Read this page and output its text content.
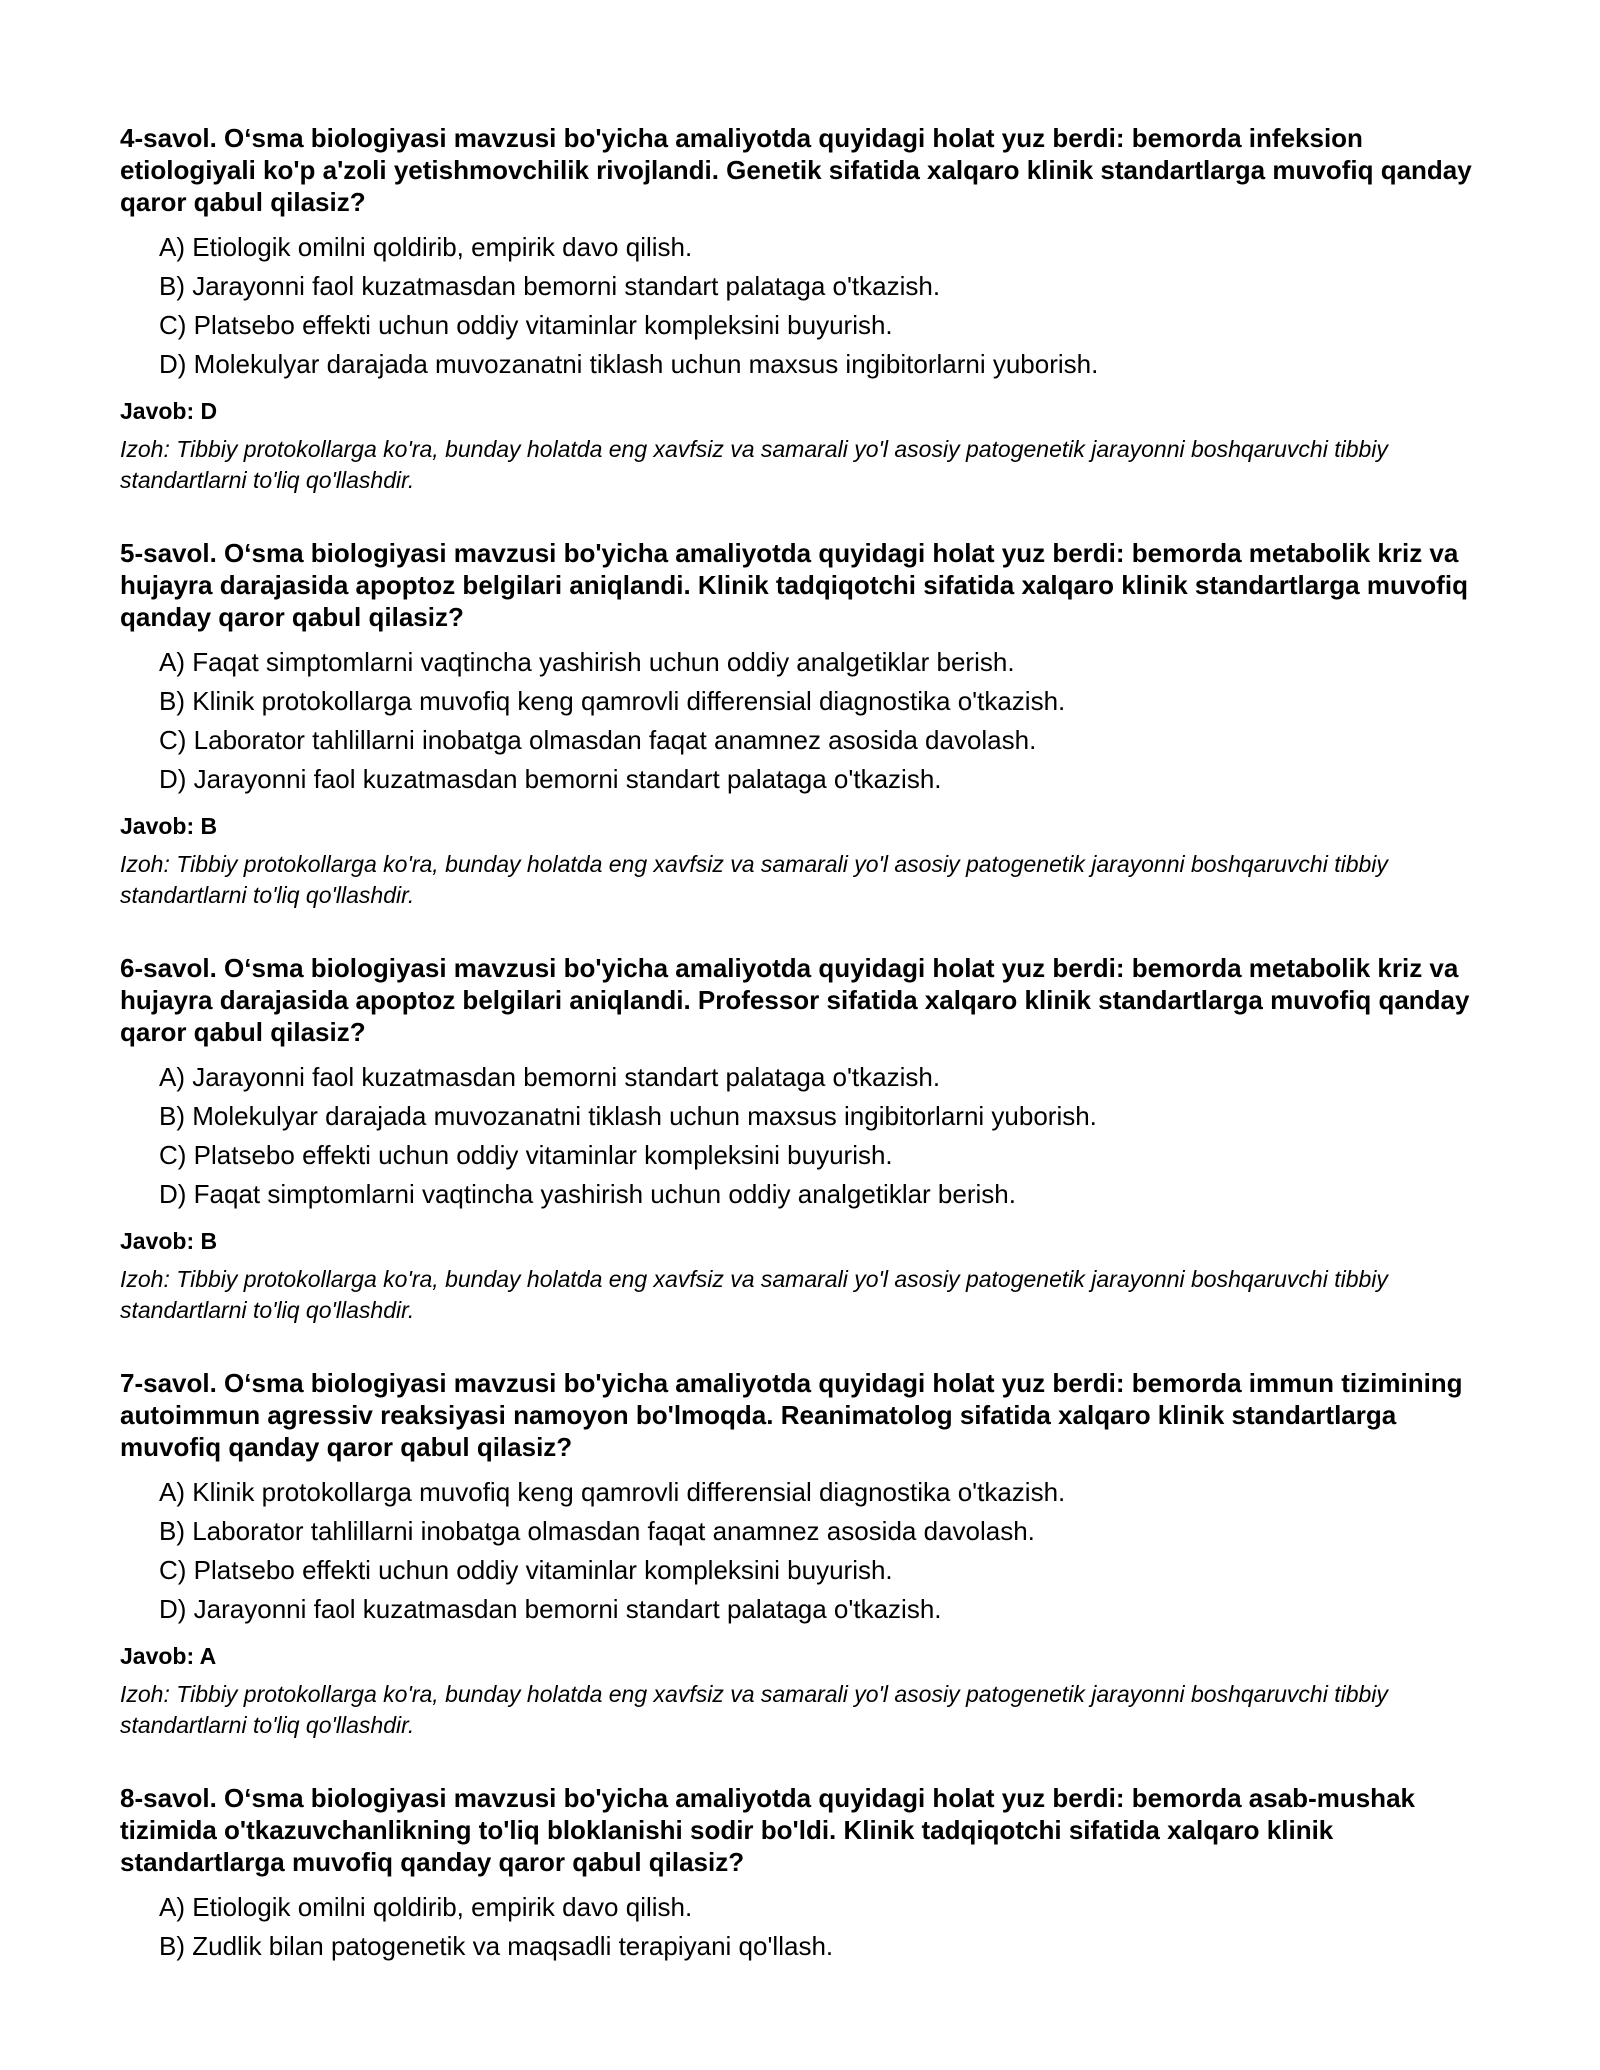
4-savol. O‘sma biologiyasi mavzusi bo'yicha amaliyotda quyidagi holat yuz berdi: bemorda infeksion etiologiyali ko'p a'zoli yetishmovchilik rivojlandi. Genetik sifatida xalqaro klinik standartlarga muvofiq qanday qaror qabul qilasiz?

A) Etiologik omilni qoldirib, empirik davo qilish.
B) Jarayonni faol kuzatmasdan bemorni standart palataga o'tkazish.
C) Platsebo effekti uchun oddiy vitaminlar kompleksini buyurish.
D) Molekulyar darajada muvozanatni tiklash uchun maxsus ingibitorlarni yuborish.

Javob: D

Izoh: Tibbiy protokollarga ko'ra, bunday holatda eng xavfsiz va samarali yo'l asosiy patogenetik jarayonni boshqaruvchi tibbiy standartlarni to'liq qo'llashdir.

5-savol. O‘sma biologiyasi mavzusi bo'yicha amaliyotda quyidagi holat yuz berdi: bemorda metabolik kriz va hujayra darajasida apoptoz belgilari aniqlandi. Klinik tadqiqotchi sifatida xalqaro klinik standartlarga muvofiq qanday qaror qabul qilasiz?

A) Faqat simptomlarni vaqtincha yashirish uchun oddiy analgetiklar berish.
B) Klinik protokollarga muvofiq keng qamrovli differensial diagnostika o'tkazish.
C) Laborator tahlillarni inobatga olmasdan faqat anamnez asosida davolash.
D) Jarayonni faol kuzatmasdan bemorni standart palataga o'tkazish.

Javob: B

Izoh: Tibbiy protokollarga ko'ra, bunday holatda eng xavfsiz va samarali yo'l asosiy patogenetik jarayonni boshqaruvchi tibbiy standartlarni to'liq qo'llashdir.

6-savol. O‘sma biologiyasi mavzusi bo'yicha amaliyotda quyidagi holat yuz berdi: bemorda metabolik kriz va hujayra darajasida apoptoz belgilari aniqlandi. Professor sifatida xalqaro klinik standartlarga muvofiq qanday qaror qabul qilasiz?

A) Jarayonni faol kuzatmasdan bemorni standart palataga o'tkazish.
B) Molekulyar darajada muvozanatni tiklash uchun maxsus ingibitorlarni yuborish.
C) Platsebo effekti uchun oddiy vitaminlar kompleksini buyurish.
D) Faqat simptomlarni vaqtincha yashirish uchun oddiy analgetiklar berish.

Javob: B

Izoh: Tibbiy protokollarga ko'ra, bunday holatda eng xavfsiz va samarali yo'l asosiy patogenetik jarayonni boshqaruvchi tibbiy standartlarni to'liq qo'llashdir.

7-savol. O‘sma biologiyasi mavzusi bo'yicha amaliyotda quyidagi holat yuz berdi: bemorda immun tizimining autoimmun agressiv reaksiyasi namoyon bo'lmoqda. Reanimatolog sifatida xalqaro klinik standartlarga muvofiq qanday qaror qabul qilasiz?

A) Klinik protokollarga muvofiq keng qamrovli differensial diagnostika o'tkazish.
B) Laborator tahlillarni inobatga olmasdan faqat anamnez asosida davolash.
C) Platsebo effekti uchun oddiy vitaminlar kompleksini buyurish.
D) Jarayonni faol kuzatmasdan bemorni standart palataga o'tkazish.

Javob: A

Izoh: Tibbiy protokollarga ko'ra, bunday holatda eng xavfsiz va samarali yo'l asosiy patogenetik jarayonni boshqaruvchi tibbiy standartlarni to'liq qo'llashdir.

8-savol. O‘sma biologiyasi mavzusi bo'yicha amaliyotda quyidagi holat yuz berdi: bemorda asab-mushak tizimida o'tkazuvchanlikning to'liq bloklanishi sodir bo'ldi. Klinik tadqiqotchi sifatida xalqaro klinik standartlarga muvofiq qanday qaror qabul qilasiz?

A) Etiologik omilni qoldirib, empirik davo qilish.
B) Zudlik bilan patogenetik va maqsadli terapiyani qo'llash.
